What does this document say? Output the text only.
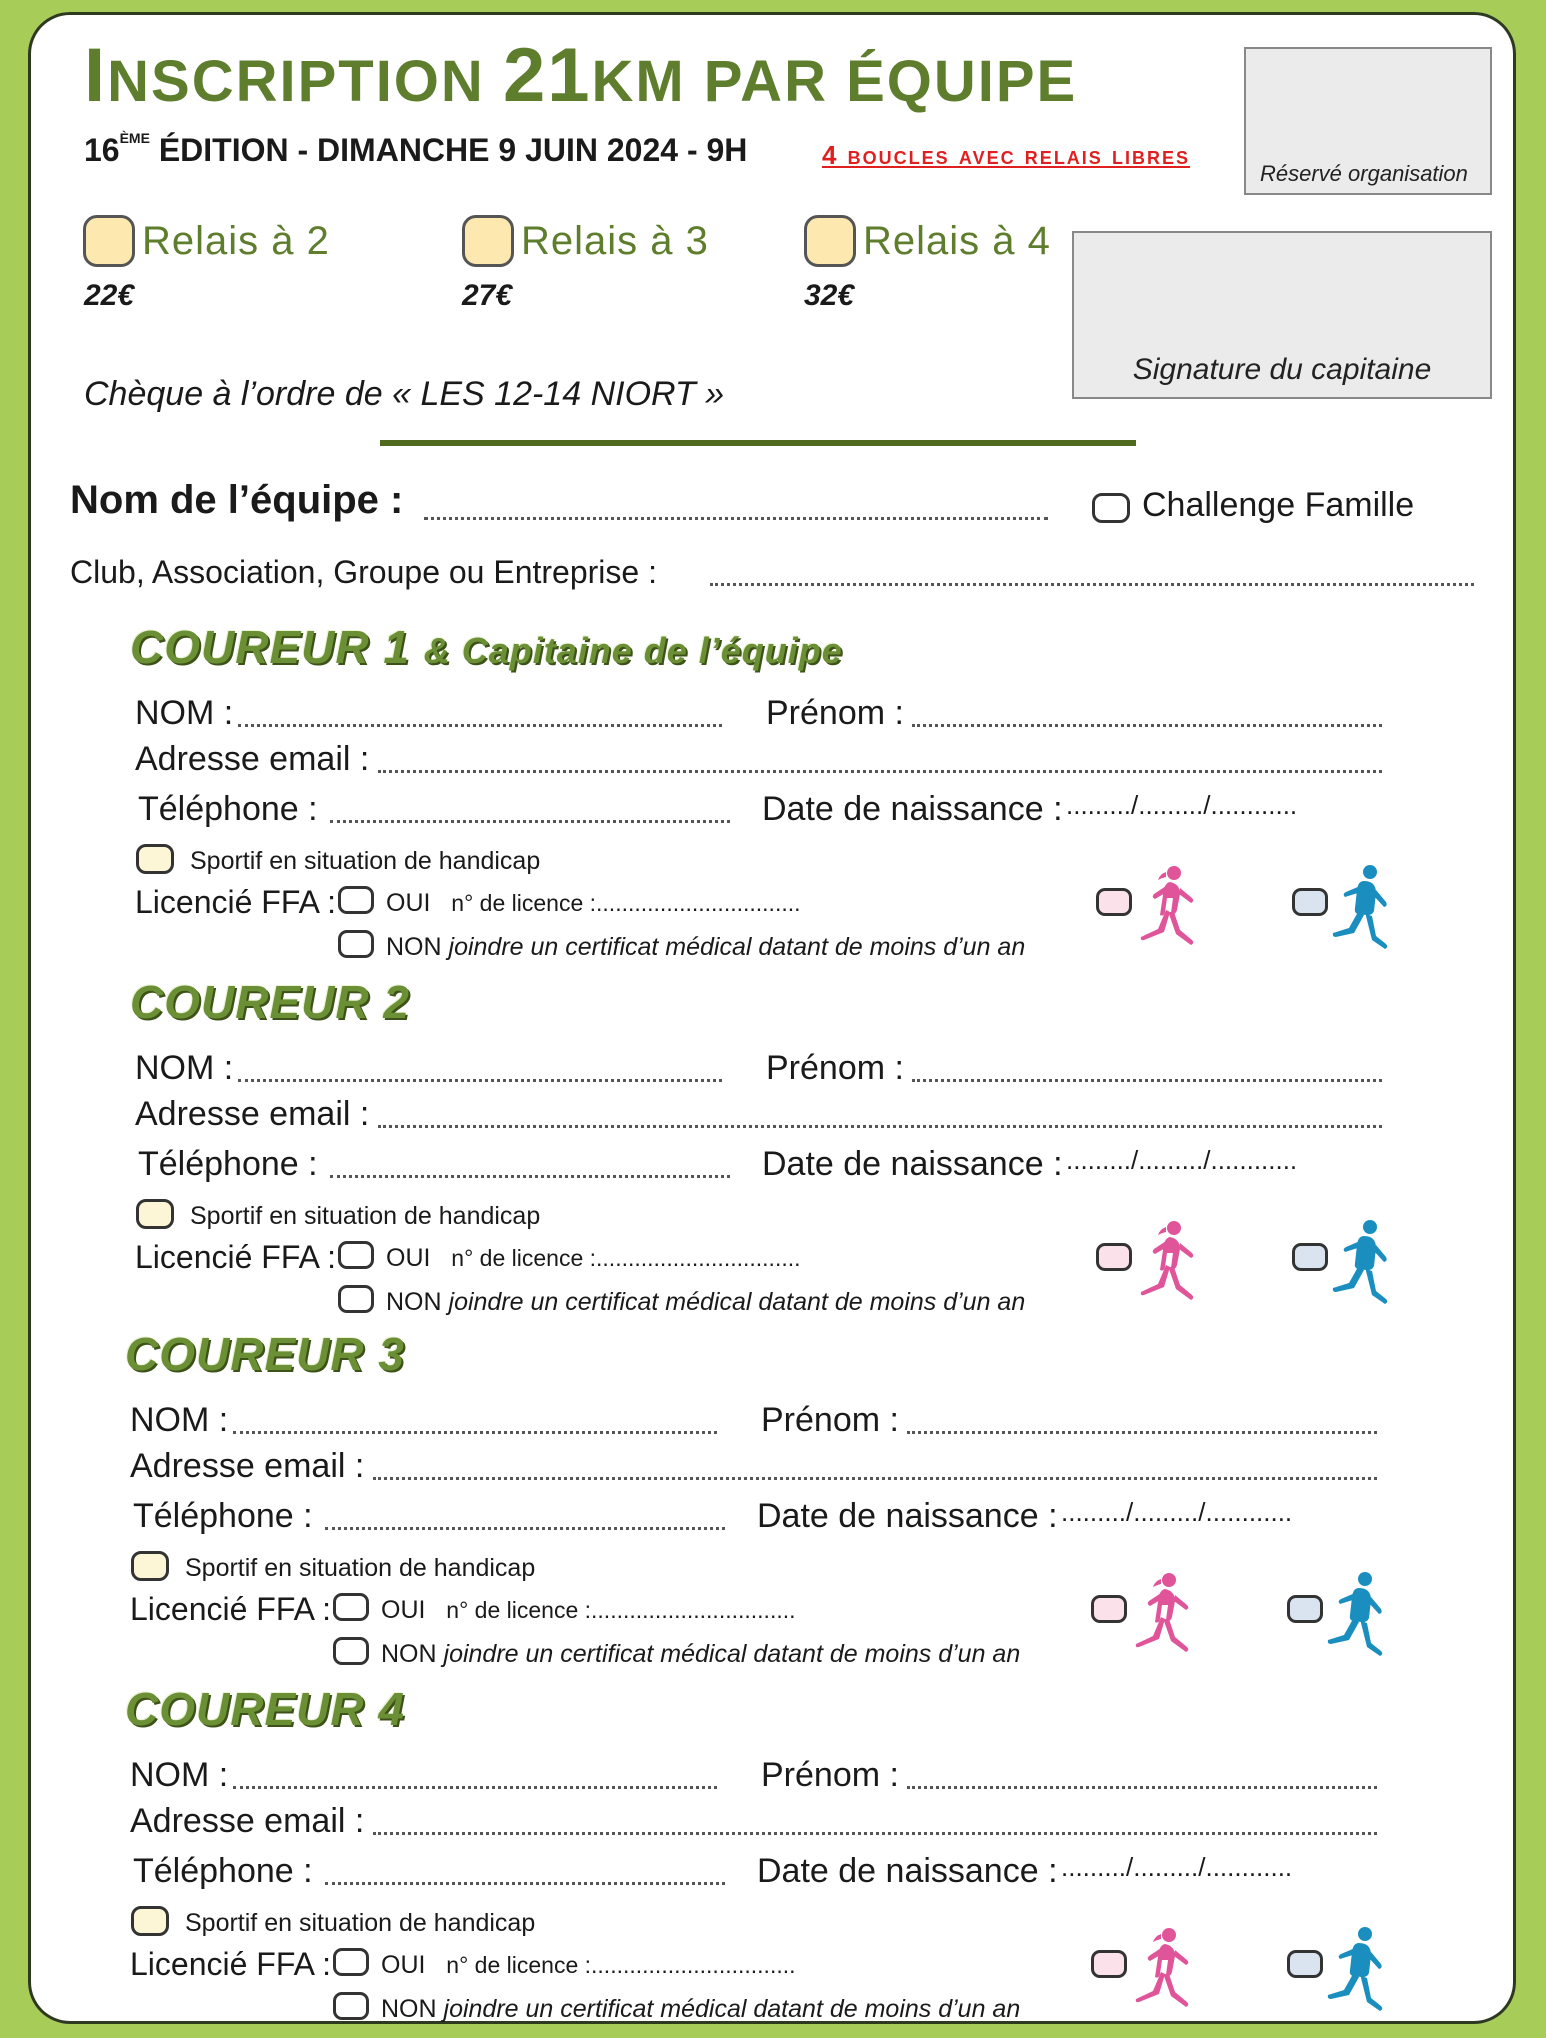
INSCRIPTION 21KM PAR ÉQUIPE
16ÈME ÉDITION - DIMANCHE 9 JUIN 2024 - 9H	4 boucles avec relais libres
Réservé organisation
Relais à 2
22€
Relais à 3
27€
Relais à 4
32€
Signature du capitaine
Chèque à l’ordre de « LES 12-14 NIORT »
Nom de l’équipe :	Challenge Famille
Club, Association, Groupe ou Entreprise :
COUREUR 1 & Capitaine de l’équipe
NOM :	Prénom :
Adresse email :
Téléphone :	Date de naissance : ........./........./............
Sportif en situation de handicap
Licencié FFA : OUI n° de licence :................................
NON joindre un certificat médical datant de moins d’un an
COUREUR 2
NOM :	Prénom :
Adresse email :
Téléphone :	Date de naissance : ........./........./............
Sportif en situation de handicap
Licencié FFA : OUI n° de licence :................................
NON joindre un certificat médical datant de moins d’un an
COUREUR 3
NOM :	Prénom :
Adresse email :
Téléphone :	Date de naissance : ........./........./............
Sportif en situation de handicap
Licencié FFA : OUI n° de licence :................................
NON joindre un certificat médical datant de moins d’un an
COUREUR 4
NOM :	Prénom :
Adresse email :
Téléphone :	Date de naissance : ........./........./............
Sportif en situation de handicap
Licencié FFA : OUI n° de licence :................................
NON joindre un certificat médical datant de moins d’un an
